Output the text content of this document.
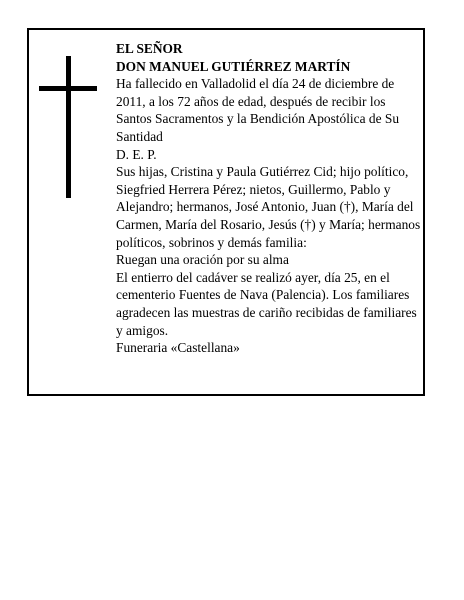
EL SEÑOR

DON MANUEL GUTIÉRREZ MARTÍN

Ha fallecido en Valladolid el día 24 de diciembre de 2011, a los 72 años de edad, después de recibir los Santos Sacramentos y la Bendición Apostólica de Su Santidad

D. E. P.

Sus hijas, Cristina y Paula Gutiérrez Cid; hijo político, Siegfried Herrera Pérez; nietos, Guillermo, Pablo y Alejandro; hermanos, José Antonio, Juan (†), María del Carmen, María del Rosario, Jesús (†) y María; hermanos políticos, sobrinos y demás familia:

Ruegan una oración por su alma

El entierro del cadáver se realizó ayer, día 25, en el cementerio Fuentes de Nava (Palencia). Los familiares agradecen las muestras de cariño recibidas de familiares y amigos.

Funeraria «Castellana»
